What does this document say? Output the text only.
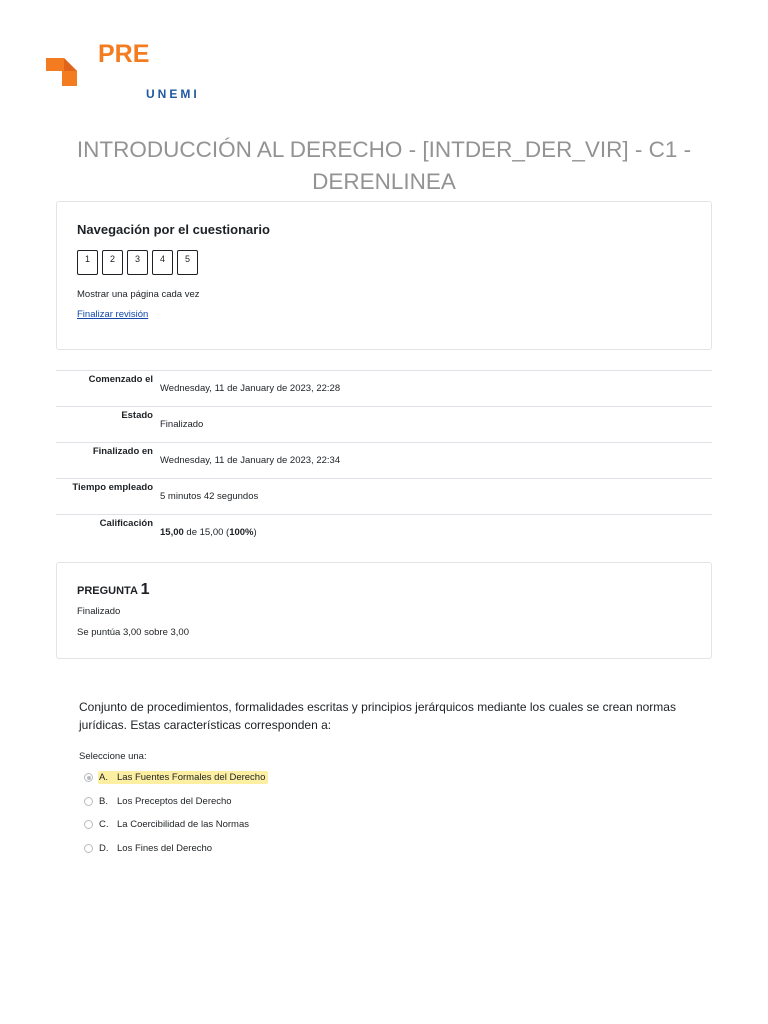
PRE
UNEMI
INTRODUCCIÓN AL DERECHO - [INTDER_DER_VIR] - C1 - DERENLINEA
Navegación por el cuestionario
1	2	3	4	5
Mostrar una página cada vez
Finalizar revisión
Comenzado el
Wednesday, 11 de January de 2023, 22:28
Estado
Finalizado
Finalizado en
Wednesday, 11 de January de 2023, 22:34
Tiempo empleado
5 minutos 42 segundos
Calificación
15,00 de 15,00 (100%)
PREGUNTA 1
Finalizado
Se puntúa 3,00 sobre 3,00
Conjunto de procedimientos, formalidades escritas y principios jerárquicos mediante los cuales se crean normas jurídicas. Estas características corresponden a:
Seleccione una:
A. Las Fuentes Formales del Derecho
B. Los Preceptos del Derecho
C. La Coercibilidad de las Normas
D. Los Fines del Derecho
